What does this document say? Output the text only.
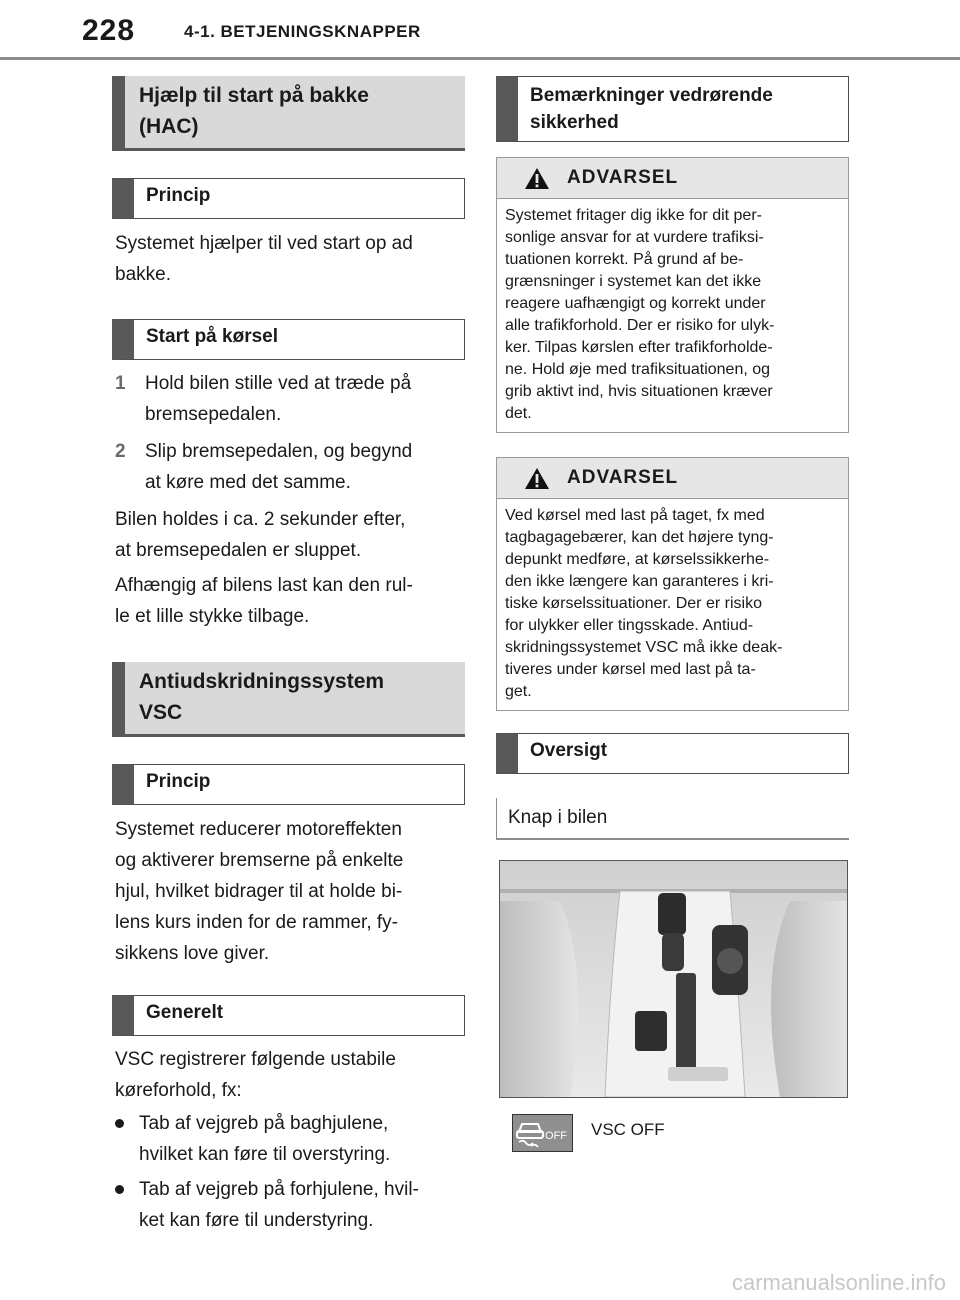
228	4-1. BETJENINGSKNAPPER
Hjælp til start på bakke
(HAC)
Princip
Systemet hjælper til ved start op ad
bakke.
Start på kørsel
1 Hold bilen stille ved at træde på
bremsepedalen.
2 Slip bremsepedalen, og begynd
at køre med det samme.
Bilen holdes i ca. 2 sekunder efter,
at bremsepedalen er sluppet.
Afhængig af bilens last kan den rul-
le et lille stykke tilbage.
Antiudskridningssystem
VSC
Princip
Systemet reducerer motoreffekten
og aktiverer bremserne på enkelte
hjul, hvilket bidrager til at holde bi-
lens kurs inden for de rammer, fy-
sikkens love giver.
Generelt
VSC registrerer følgende ustabile
køreforhold, fx:
Tab af vejgreb på baghjulene,
hvilket kan føre til overstyring.
Tab af vejgreb på forhjulene, hvil-
ket kan føre til understyring.
Bemærkninger vedrørende
sikkerhed
ADVARSEL
Systemet fritager dig ikke for dit per-
sonlige ansvar for at vurdere trafiksi-
tuationen korrekt. På grund af be-
grænsninger i systemet kan det ikke
reagere uafhængigt og korrekt under
alle trafikforhold. Der er risiko for ulyk-
ker. Tilpas kørslen efter trafikforholde-
ne. Hold øje med trafiksituationen, og
grib aktivt ind, hvis situationen kræver
det.
ADVARSEL
Ved kørsel med last på taget, fx med
tagbagagebærer, kan det højere tyng-
depunkt medføre, at kørselssikkerhe-
den ikke længere kan garanteres i kri-
tiske kørselssituationer. Der er risiko
for ulykker eller tingsskade. Antiud-
skridningssystemet VSC må ikke deak-
tiveres under kørsel med last på ta-
get.
Oversigt
Knap i bilen
OFF VSC OFF
carmanualsonline.info
